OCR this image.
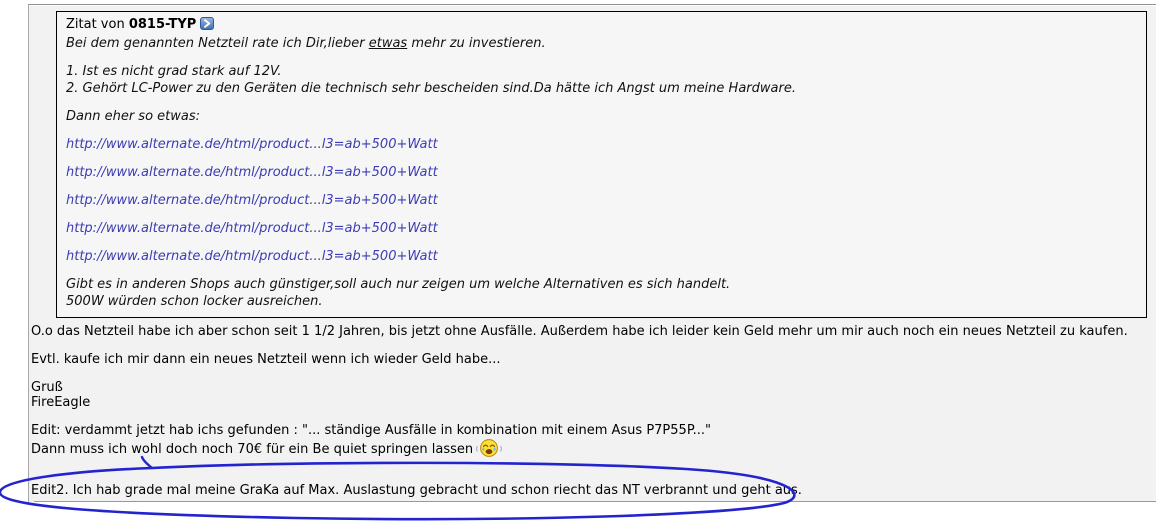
Zitat von 0815-TYP

Bei dem genannten Netzteil rate ich Dir,lieber etwas mehr zu investieren.

1. Ist es nicht grad stark auf 12V.
2. Gehört LC-Power zu den Geräten die technisch sehr bescheiden sind.Da hätte ich Angst um meine Hardware.

Dann eher so etwas:

http://www.alternate.de/html/product...l3=ab+500+Watt
http://www.alternate.de/html/product...l3=ab+500+Watt
http://www.alternate.de/html/product...l3=ab+500+Watt
http://www.alternate.de/html/product...l3=ab+500+Watt
http://www.alternate.de/html/product...l3=ab+500+Watt

Gibt es in anderen Shops auch günstiger,soll auch nur zeigen um welche Alternativen es sich handelt.
500W würden schon locker ausreichen.

O.o das Netzteil habe ich aber schon seit 1 1/2 Jahren, bis jetzt ohne Ausfälle. Außerdem habe ich leider kein Geld mehr um mir auch noch ein neues Netzteil zu kaufen.
Evtl. kaufe ich mir dann ein neues Netzteil wenn ich wieder Geld habe...
Gruß
FireEagle
Edit: verdammt jetzt hab ichs gefunden : "... ständige Ausfälle in kombination mit einem Asus P7P55P..."
Dann muss ich wohl doch noch 70€ für ein Be quiet springen lassen
Edit2. Ich hab grade mal meine GraKa auf Max. Auslastung gebracht und schon riecht das NT verbrannt und geht aus.
